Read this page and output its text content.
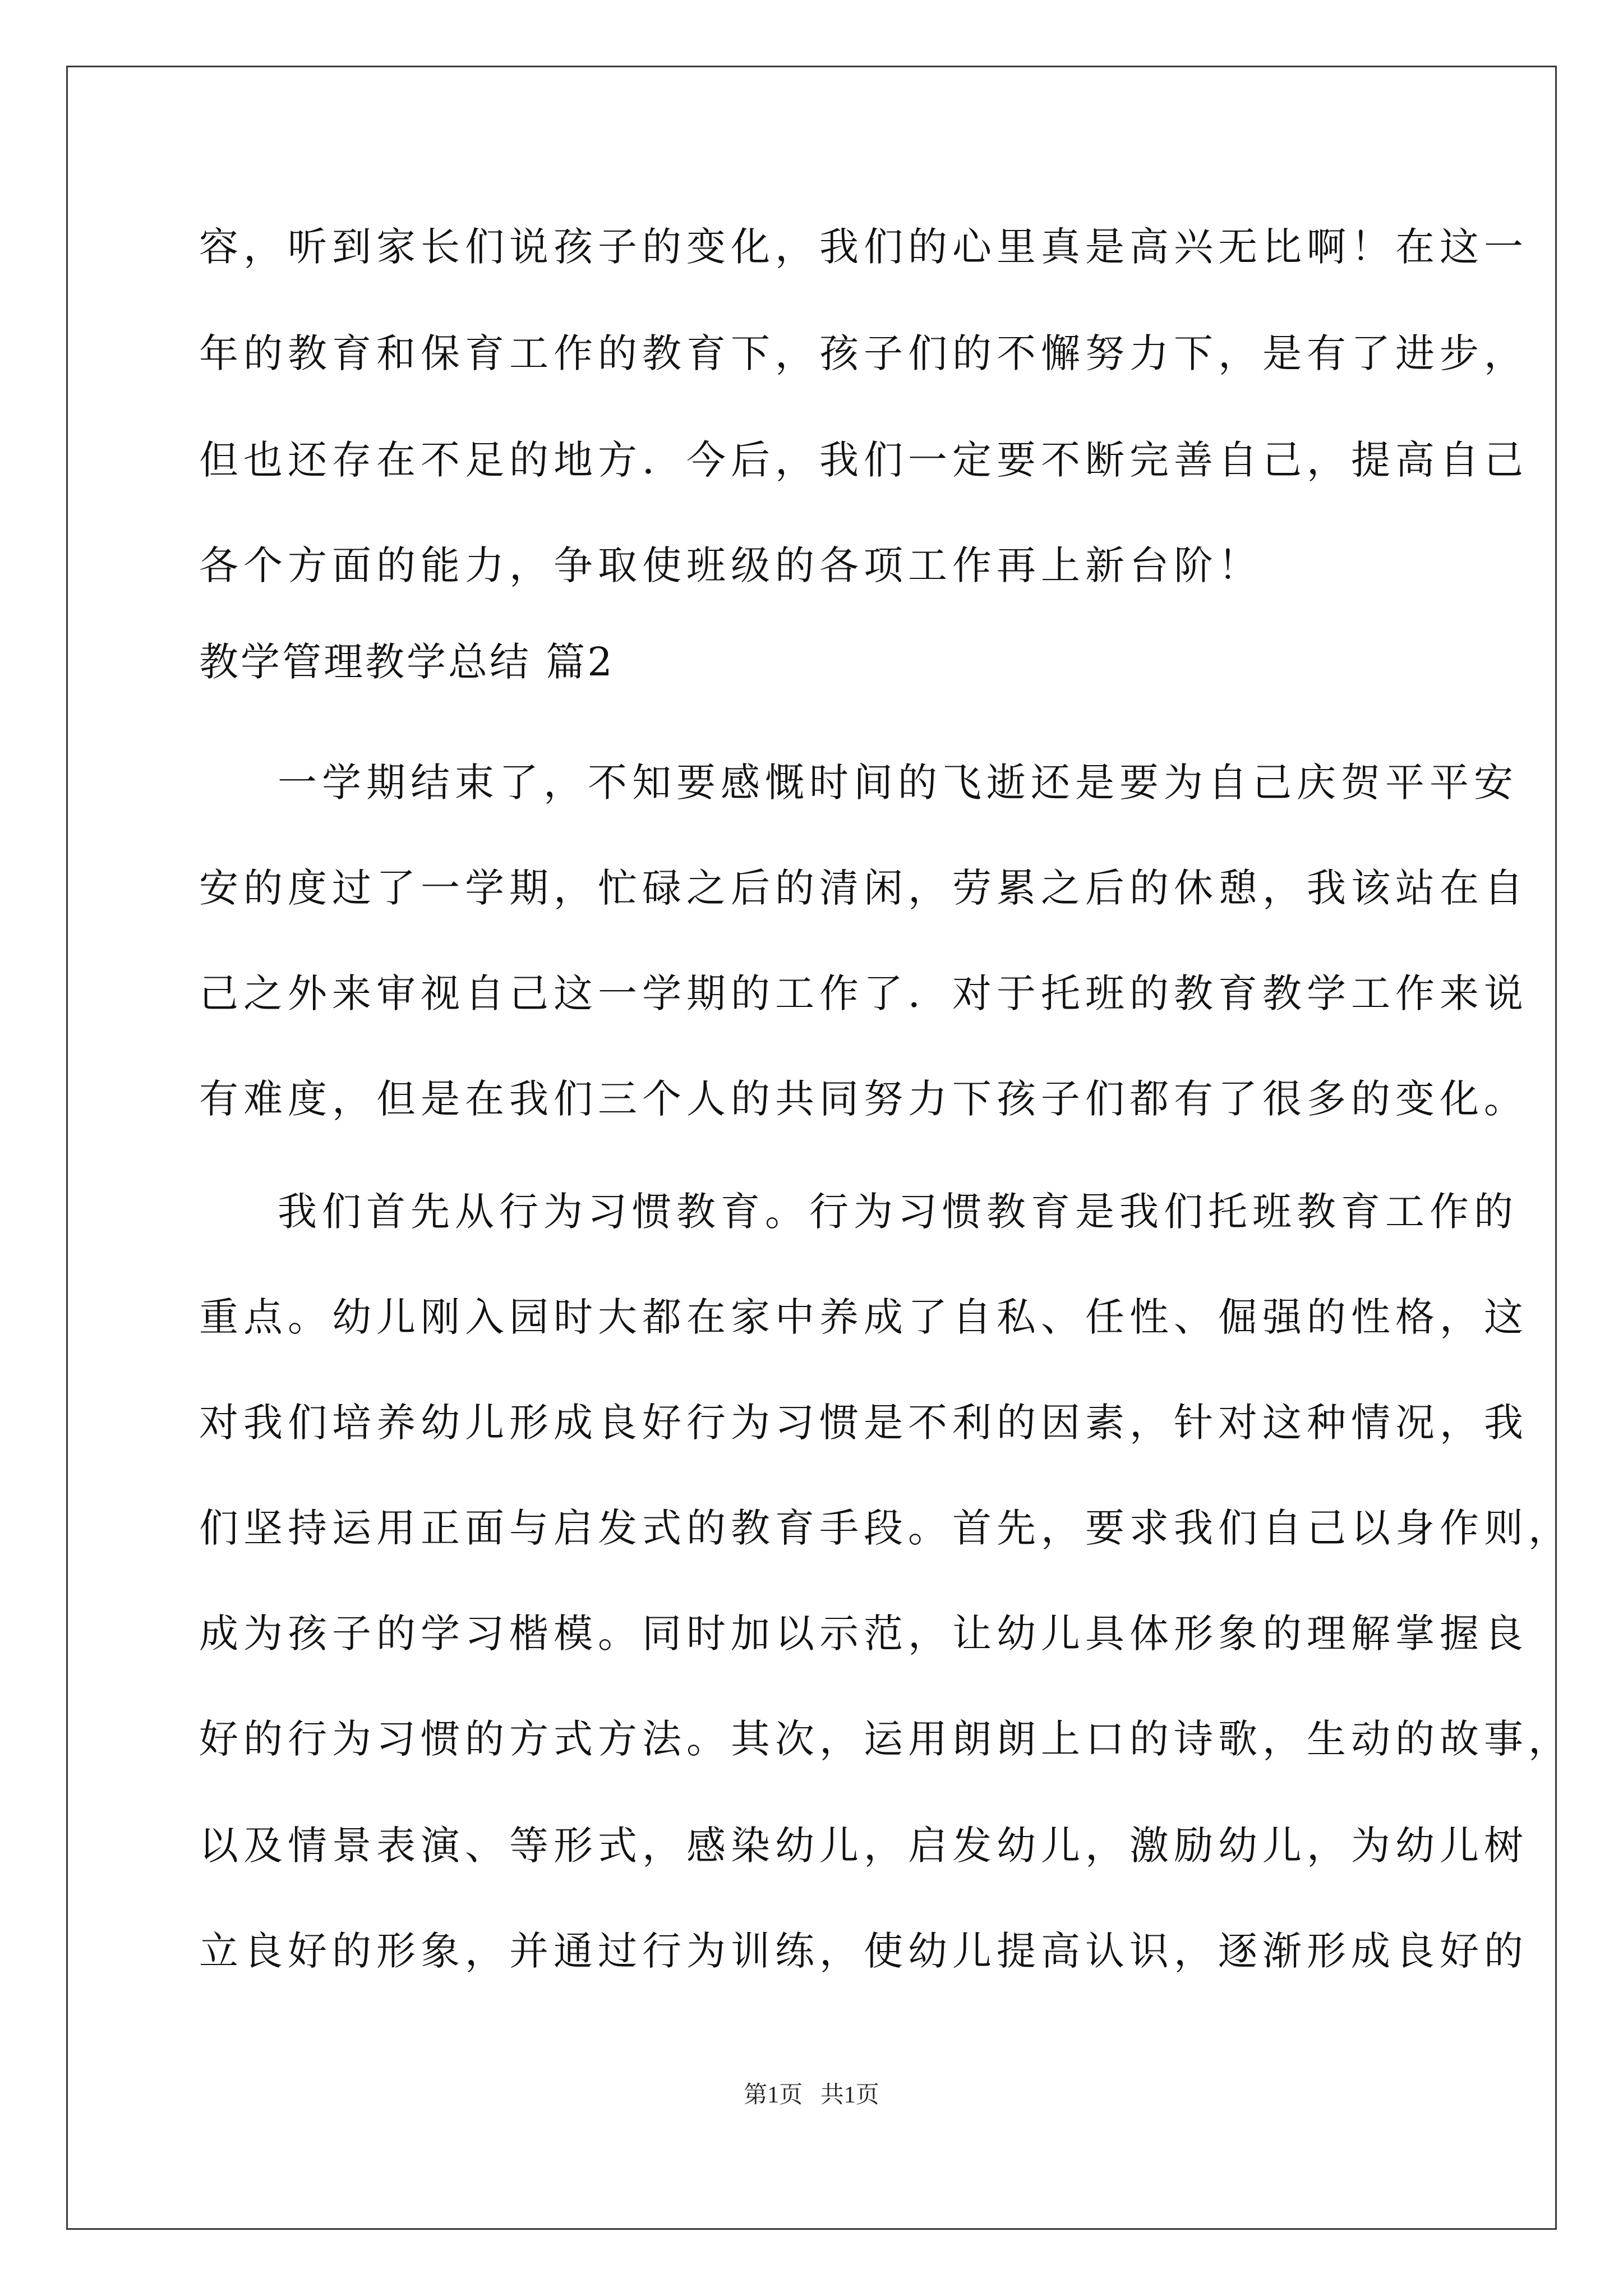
容，听到家长们说孩子的变化，我们的心里真是高兴无比啊！在这一
年的教育和保育工作的教育下，孩子们的不懈努力下，是有了进步，
但也还存在不足的地方．今后，我们一定要不断完善自己，提高自己
各个方面的能力，争取使班级的各项工作再上新台阶！
教学管理教学总结 篇2
一学期结束了，不知要感慨时间的飞逝还是要为自己庆贺平平安
安的度过了一学期，忙碌之后的清闲，劳累之后的休憩，我该站在自
己之外来审视自己这一学期的工作了．对于托班的教育教学工作来说
有难度，但是在我们三个人的共同努力下孩子们都有了很多的变化。
我们首先从行为习惯教育。行为习惯教育是我们托班教育工作的
重点。幼儿刚入园时大都在家中养成了自私、任性、倔强的性格，这
对我们培养幼儿形成良好行为习惯是不利的因素，针对这种情况，我
们坚持运用正面与启发式的教育手段。首先，要求我们自己以身作则，
成为孩子的学习楷模。同时加以示范，让幼儿具体形象的理解掌握良
好的行为习惯的方式方法。其次，运用朗朗上口的诗歌，生动的故事，
以及情景表演、等形式，感染幼儿，启发幼儿，激励幼儿，为幼儿树
立良好的形象，并通过行为训练，使幼儿提高认识，逐渐形成良好的
第1页   共1页
